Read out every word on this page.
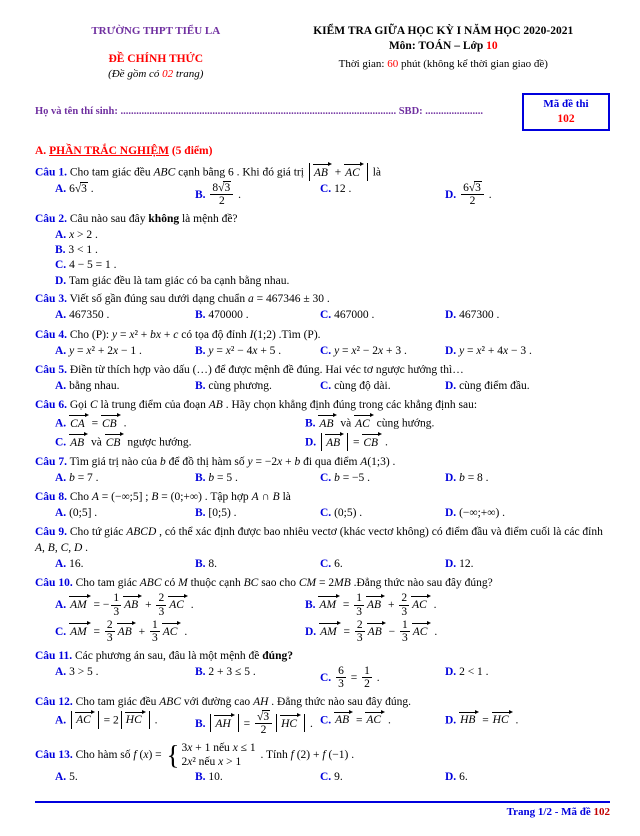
TRƯỜNG THPT TIỂU LA
ĐỀ CHÍNH THỨC
(Đề gồm có 02 trang)
KIỂM TRA GIỮA HỌC KỲ I NĂM HỌC 2020-2021
Môn: TOÁN – Lớp 10
Thời gian: 60 phút (không kể thời gian giao đề)
Họ và tên thí sinh: ......................................................................................................... SBD: ......................
Mã đề thi
102
A. PHẦN TRẮC NGHIỆM (5 điểm)
Câu 1. Cho tam giác đều ABC cạnh bằng 6 . Khi đó giá trị AB + AC là
A. 6√3 .	B. $\frac{8√3}{2}$ .	C. 12 .	D. $\frac{6√3}{2}$ .
Câu 2. Câu nào sau đây không là mệnh đề?
A. x > 2 .
B. 3 < 1 .
C. 4 − 5 = 1 .
D. Tam giác đều là tam giác có ba cạnh bằng nhau.
Câu 3. Viết số gần đúng sau dưới dạng chuẩn a = 467346 ± 30 .
A. 467350 .	B. 470000 .	C. 467000 .	D. 467300 .
Câu 4. Cho (P): y = x² + bx + c có tọa độ đỉnh I(1;2) .Tìm (P).
A. y = x² + 2x − 1 .	B. y = x² − 4x + 5 .	C. y = x² − 2x + 3 .	D. y = x² + 4x − 3 .
Câu 5. Điền từ thích hợp vào dấu (…) để được mệnh đề đúng. Hai véc tơ ngược hướng thì…
A. bằng nhau.	B. cùng phương.	C. cùng độ dài.	D. cùng điểm đầu.
Câu 6. Gọi C là trung điểm của đoạn AB . Hãy chọn khẳng định đúng trong các khẳng định sau:
A. CA = CB .	B. AB và AC cùng hướng.
C. AB và CB ngược hướng.	D. AB = CB .
Câu 7. Tìm giá trị nào của b để đồ thị hàm số y = −2x + b đi qua điểm A(1;3) .
A. b = 7 .	B. b = 5 .	C. b = −5 .	D. b = 8 .
Câu 8. Cho A = (−∞;5] ; B = (0;+∞) . Tập hợp A ∩ B là
A. (0;5] .	B. [0;5) .	C. (0;5) .	D. (−∞;+∞) .
Câu 9. Cho tứ giác ABCD , có thể xác định được bao nhiêu vectơ (khác vectơ không) có điểm đầu và điểm cuối là các đỉnh A, B, C, D .
A. 16.	B. 8.	C. 6.	D. 12.
Câu 10. Cho tam giác ABC có M thuộc cạnh BC sao cho CM = 2MB .Đẳng thức nào sau đây đúng?
A. AM = − $\frac{1}{3}$ AB + $\frac{2}{3}$ AC .	B. AM = $\frac{1}{3}$ AB + $\frac{2}{3}$ AC .
C. AM = $\frac{2}{3}$ AB + $\frac{1}{3}$ AC .	D. AM = $\frac{2}{3}$ AB − $\frac{1}{3}$ AC .
Câu 11. Các phương án sau, đâu là một mệnh đề đúng?
A. 3 > 5 .	B. 2 + 3 ≤ 5 .	C. $\frac{6}{3} = \frac{1}{2}$ .	D. 2 < 1 .
Câu 12. Cho tam giác đều ABC với đường cao AH . Đẳng thức nào sau đây đúng.
A. AC = 2 HC .	B. AH = $\frac{√3}{2}$ HC . C. AB = AC .	D. HB = HC .
Câu 13. Cho hàm số f (x) = { 3x + 1 nếu x ≤ 1
2x² nếu x > 1
. Tính f (2) + f (−1) .
A. 5.	B. 10.	C. 9.	D. 6.
Trang 1/2 - Mã đề 102
